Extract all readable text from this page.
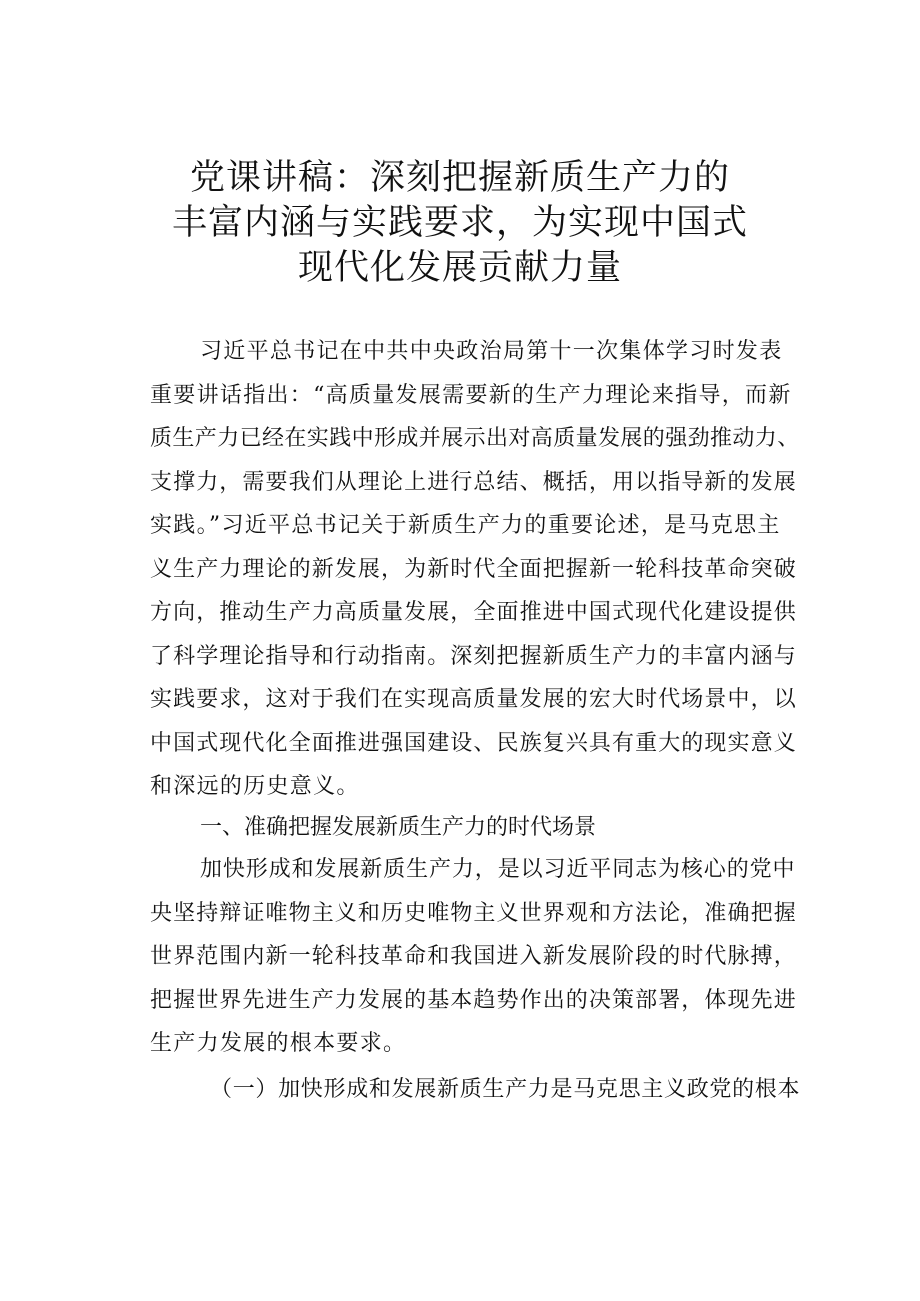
党课讲稿：深刻把握新质生产力的
丰富内涵与实践要求，为实现中国式
现代化发展贡献力量

习近平总书记在中共中央政治局第十一次集体学习时发表
重要讲话指出：“高质量发展需要新的生产力理论来指导，而新
质生产力已经在实践中形成并展示出对高质量发展的强劲推动力、
支撑力，需要我们从理论上进行总结、概括，用以指导新的发展
实践。”习近平总书记关于新质生产力的重要论述，是马克思主
义生产力理论的新发展，为新时代全面把握新一轮科技革命突破
方向，推动生产力高质量发展，全面推进中国式现代化建设提供
了科学理论指导和行动指南。深刻把握新质生产力的丰富内涵与
实践要求，这对于我们在实现高质量发展的宏大时代场景中，以
中国式现代化全面推进强国建设、民族复兴具有重大的现实意义
和深远的历史意义。

一、准确把握发展新质生产力的时代场景

加快形成和发展新质生产力，是以习近平同志为核心的党中
央坚持辩证唯物主义和历史唯物主义世界观和方法论，准确把握
世界范围内新一轮科技革命和我国进入新发展阶段的时代脉搏，
把握世界先进生产力发展的基本趋势作出的决策部署，体现先进
生产力发展的根本要求。

（一）加快形成和发展新质生产力是马克思主义政党的根本
